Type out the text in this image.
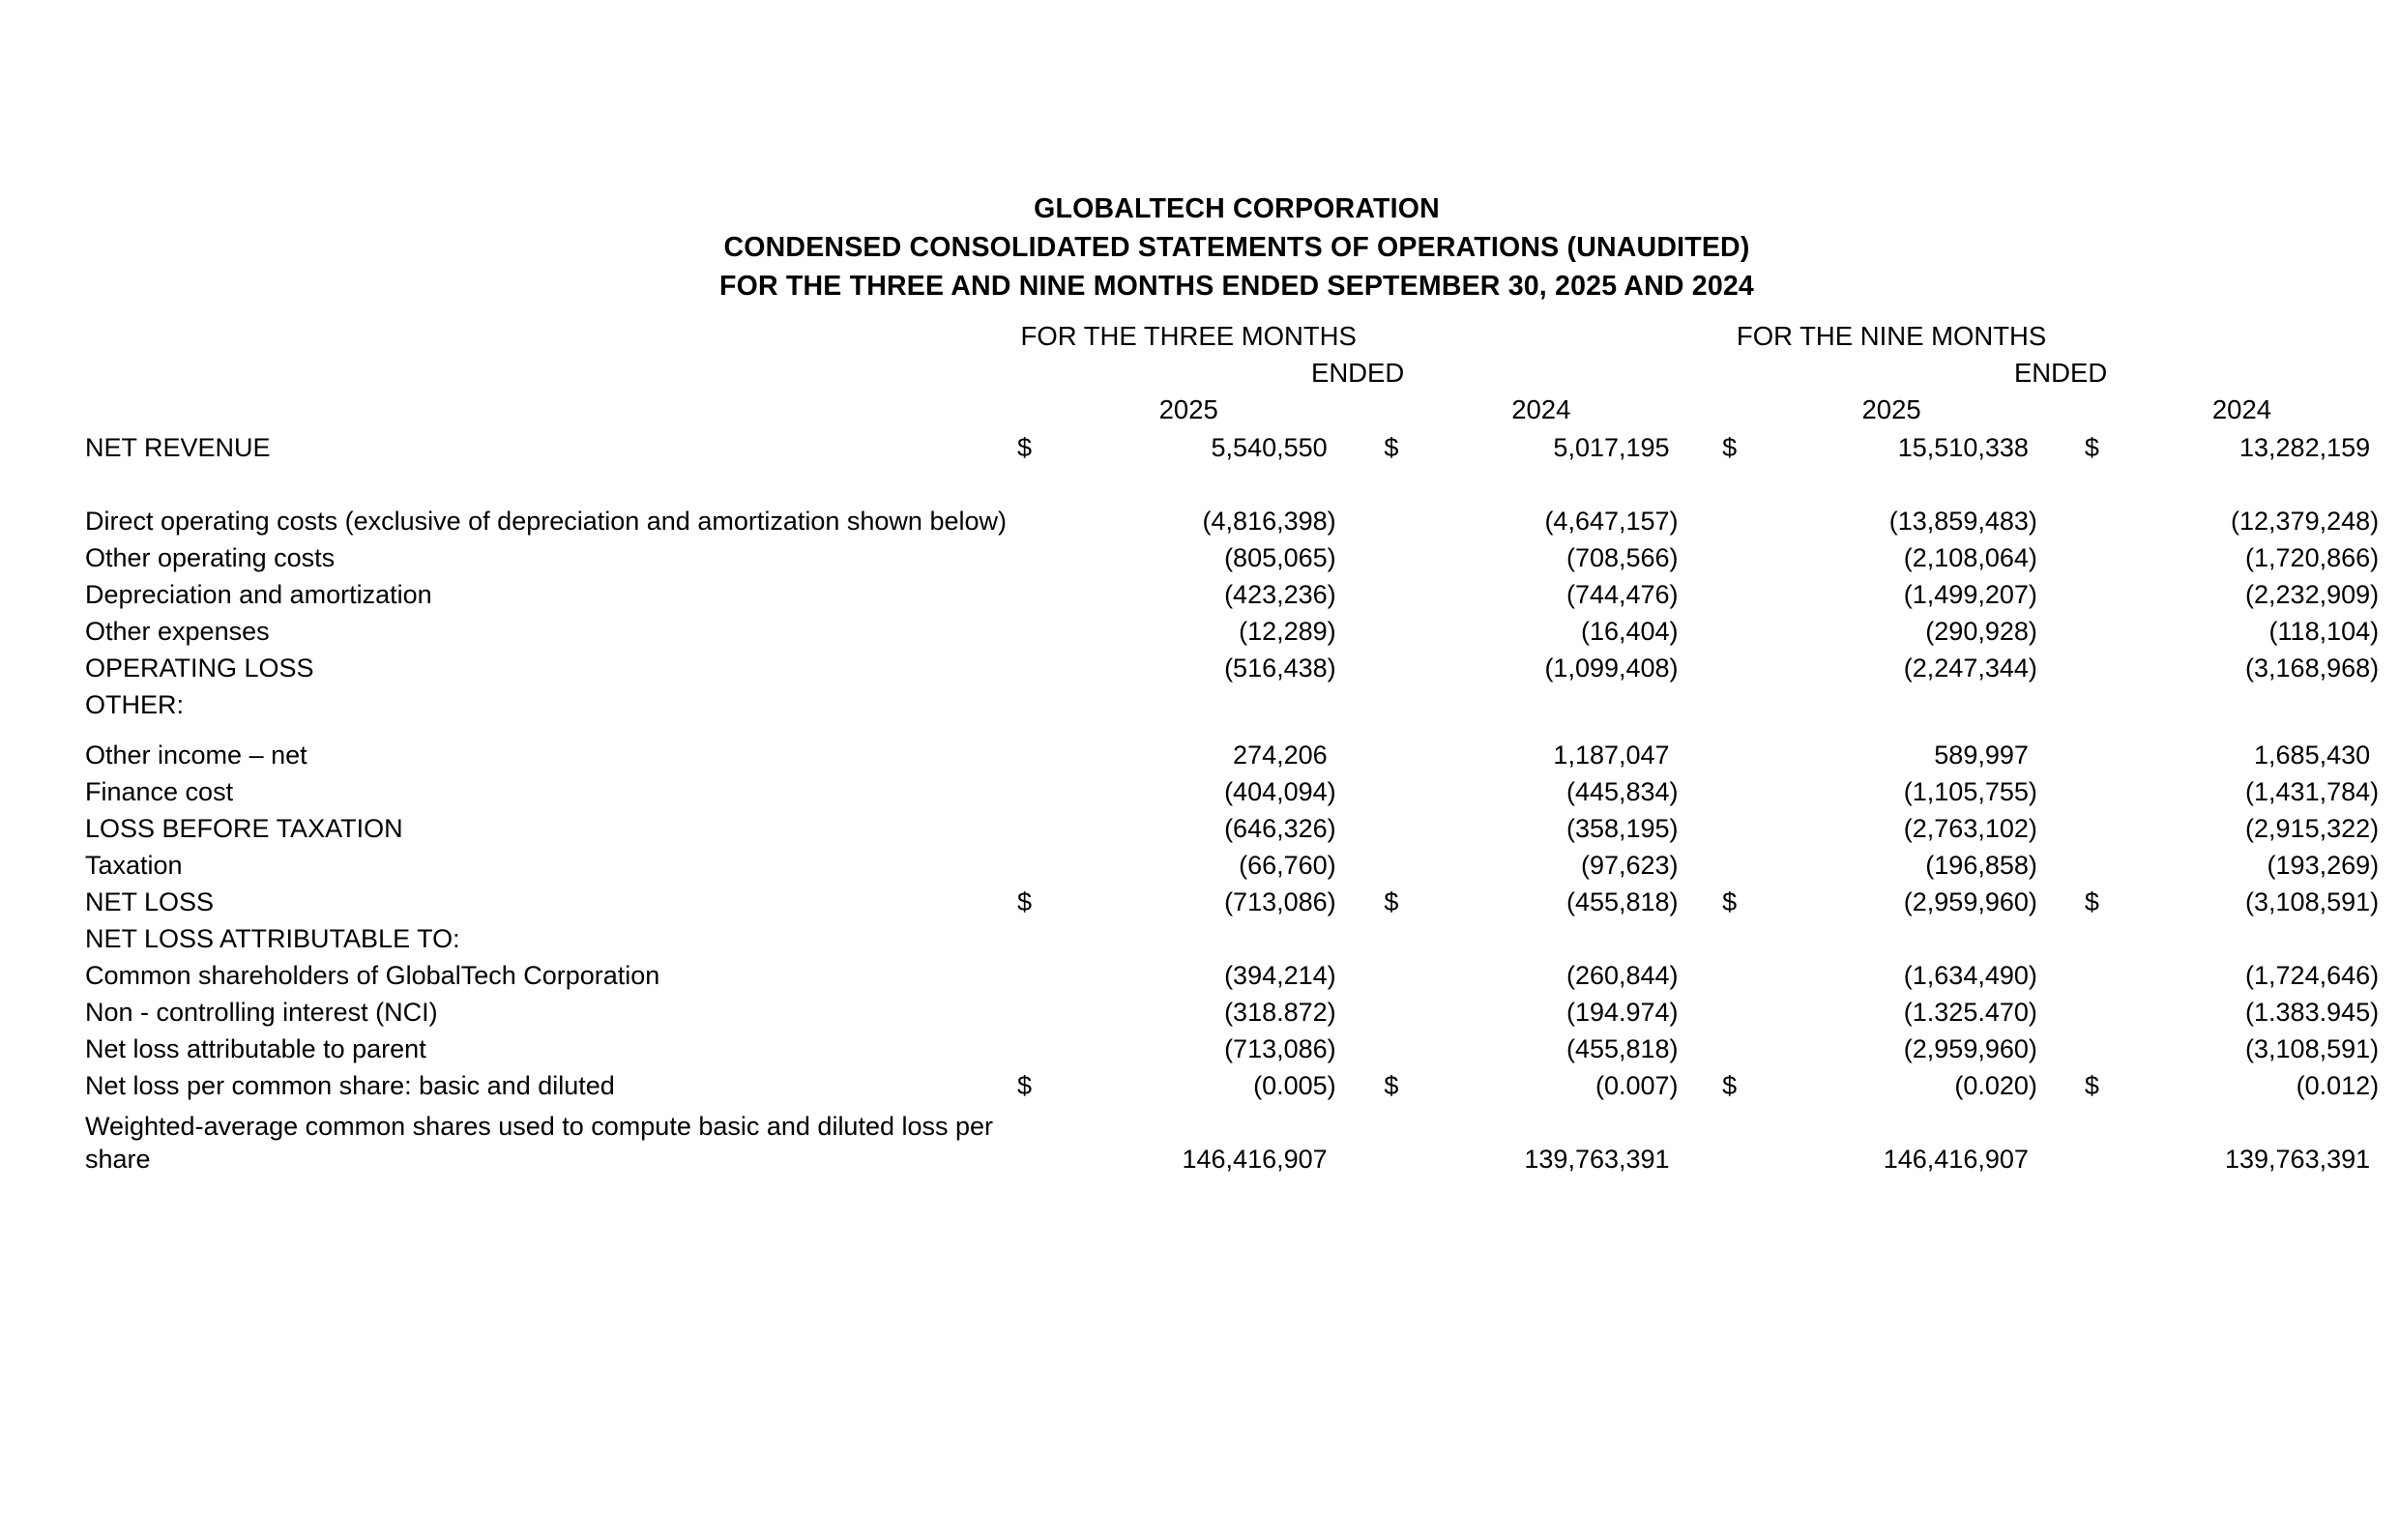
GLOBALTECH CORPORATION
CONDENSED CONSOLIDATED STATEMENTS OF OPERATIONS (UNAUDITED)
FOR THE THREE AND NINE MONTHS ENDED SEPTEMBER 30, 2025 AND 2024
	FOR THE THREE MONTHS								FOR THE NINE MONTHS						
	ENDED								ENDED						
	2025				2024				2025				2024		
NET REVENUE	$	5,540,550			$	5,017,195			$	15,510,338			$	13,282,159	
Direct operating costs (exclusive of depreciation and amortization shown below)		(4,816,398	)			(4,647,157	)			(13,859,483	)			(12,379,248	)
Other operating costs		(805,065	)			(708,566	)			(2,108,064	)			(1,720,866	)
Depreciation and amortization		(423,236	)			(744,476	)			(1,499,207	)			(2,232,909	)
Other expenses		(12,289	)			(16,404	)			(290,928	)			(118,104	)
OPERATING LOSS		(516,438	)			(1,099,408	)			(2,247,344	)			(3,168,968	)
OTHER:															

Other income – net		274,206				1,187,047				589,997				1,685,430	
Finance cost		(404,094	)			(445,834	)			(1,105,755	)			(1,431,784	)
LOSS BEFORE TAXATION		(646,326	)			(358,195	)			(2,763,102	)			(2,915,322	)
Taxation		(66,760	)			(97,623	)			(196,858	)			(193,269	)
NET LOSS	$	(713,086	)		$	(455,818	)		$	(2,959,960	)		$	(3,108,591	)
NET LOSS ATTRIBUTABLE TO:															
Common shareholders of GlobalTech Corporation		(394,214	)			(260,844	)			(1,634,490	)			(1,724,646	)
Non - controlling interest (NCI)		(318.872	)			(194.974	)			(1.325.470	)			(1.383.945	)
Net loss attributable to parent		(713,086	)			(455,818	)			(2,959,960	)			(3,108,591	)
Net loss per common share: basic and diluted	$	(0.005	)		$	(0.007	)		$	(0.020	)		$	(0.012	)
Weighted-average common shares used to compute basic and diluted loss per share		146,416,907				139,763,391				146,416,907				139,763,391	
